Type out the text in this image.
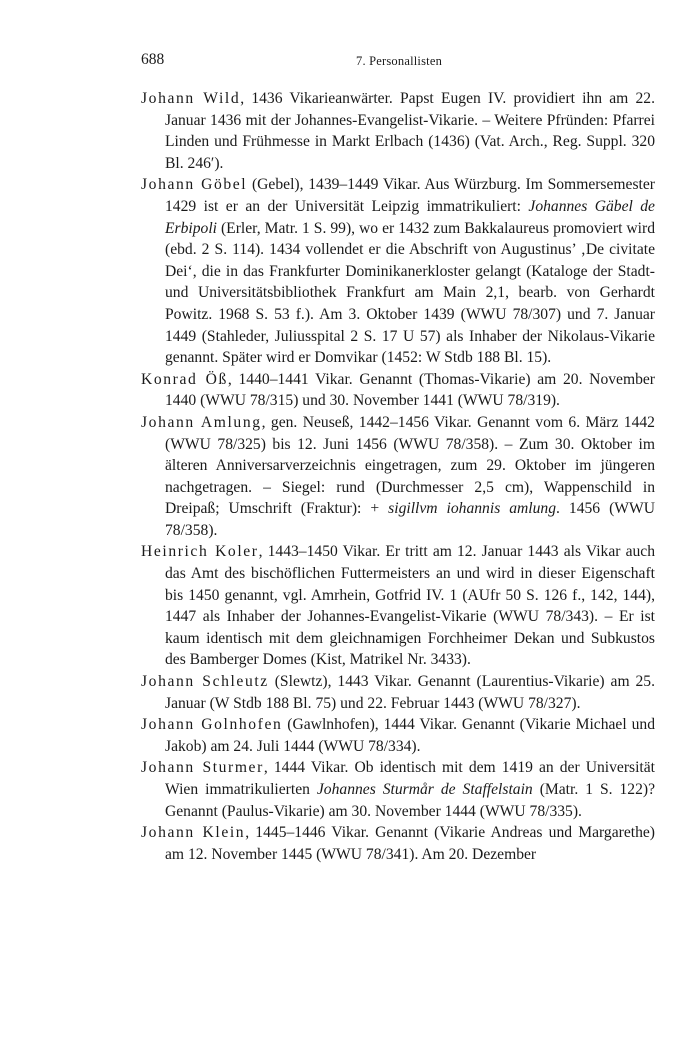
688	7. Personallisten

Johann Wild, 1436 Vikarieanwärter. Papst Eugen IV. providiert ihn am 22. Januar 1436 mit der Johannes-Evangelist-Vikarie. – Weitere Pfründen: Pfarrei Linden und Frühmesse in Markt Erlbach (1436) (Vat. Arch., Reg. Suppl. 320 Bl. 246′).

Johann Göbel (Gebel), 1439–1449 Vikar. Aus Würzburg. Im Sommersemester 1429 ist er an der Universität Leipzig immatrikuliert: Johannes Gäbel de Erbipoli (Erler, Matr. 1 S. 99), wo er 1432 zum Bakkalaureus promoviert wird (ebd. 2 S. 114). 1434 vollendet er die Abschrift von Augustinus’ ‚De civitate Dei‘, die in das Frankfurter Dominikanerkloster gelangt (Kataloge der Stadt- und Universitätsbibliothek Frankfurt am Main 2,1, bearb. von Gerhardt Powitz. 1968 S. 53 f.). Am 3. Oktober 1439 (WWU 78/307) und 7. Januar 1449 (Stahleder, Juliusspital 2 S. 17 U 57) als Inhaber der Nikolaus-Vikarie genannt. Später wird er Domvikar (1452: W Stdb 188 Bl. 15).

Konrad Öß, 1440–1441 Vikar. Genannt (Thomas-Vikarie) am 20. November 1440 (WWU 78/315) und 30. November 1441 (WWU 78/319).

Johann Amlung, gen. Neuseß, 1442–1456 Vikar. Genannt vom 6. März 1442 (WWU 78/325) bis 12. Juni 1456 (WWU 78/358). – Zum 30. Oktober im älteren Anniversarverzeichnis eingetragen, zum 29. Oktober im jüngeren nachgetragen. – Siegel: rund (Durchmesser 2,5 cm), Wappenschild in Dreipaß; Umschrift (Fraktur): + sigillvm iohannis amlung. 1456 (WWU 78/358).

Heinrich Koler, 1443–1450 Vikar. Er tritt am 12. Januar 1443 als Vikar auch das Amt des bischöflichen Futtermeisters an und wird in dieser Eigenschaft bis 1450 genannt, vgl. Amrhein, Gotfrid IV. 1 (AUfr 50 S. 126 f., 142, 144), 1447 als Inhaber der Johannes-Evangelist-Vikarie (WWU 78/343). – Er ist kaum identisch mit dem gleichnamigen Forchheimer Dekan und Subkustos des Bamberger Domes (Kist, Matrikel Nr. 3433).

Johann Schleutz (Slewtz), 1443 Vikar. Genannt (Laurentius-Vikarie) am 25. Januar (W Stdb 188 Bl. 75) und 22. Februar 1443 (WWU 78/327).

Johann Golnhofen (Gawlnhofen), 1444 Vikar. Genannt (Vikarie Michael und Jakob) am 24. Juli 1444 (WWU 78/334).

Johann Sturmer, 1444 Vikar. Ob identisch mit dem 1419 an der Universität Wien immatrikulierten Johannes Sturmår de Staffelstain (Matr. 1 S. 122)? Genannt (Paulus-Vikarie) am 30. November 1444 (WWU 78/335).

Johann Klein, 1445–1446 Vikar. Genannt (Vikarie Andreas und Margarethe) am 12. November 1445 (WWU 78/341). Am 20. Dezember
